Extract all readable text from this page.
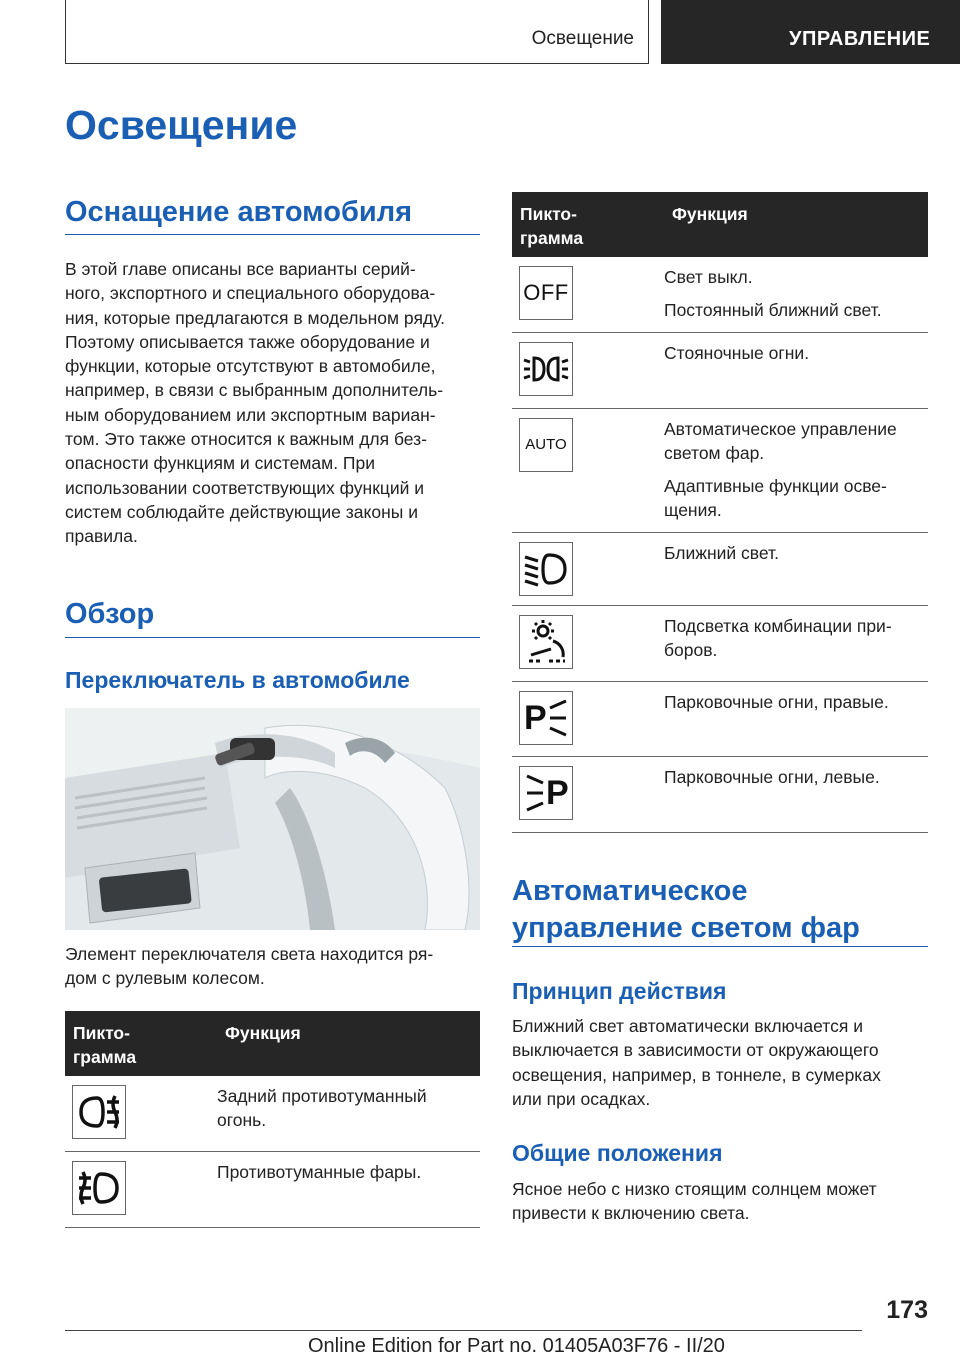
Освещение	УПРАВЛЕНИЕ
Освещение
Оснащение автомобиля
В этой главе описаны все варианты серий-
ного, экспортного и специального оборудова-
ния, которые предлагаются в модельном ряду.
Поэтому описывается также оборудование и
функции, которые отсутствуют в автомобиле,
например, в связи с выбранным дополнитель-
ным оборудованием или экспортным вариан-
том. Это также относится к важным для без-
опасности функциям и системам. При
использовании соответствующих функций и
систем соблюдайте действующие законы и
правила.
Обзор
Переключатель в автомобиле
Элемент переключателя света находится ря-
дом с рулевым колесом.
Пикто-
грамма	Функция

Задний противотуманный
огонь.

Противотуманные фары.

Пикто-
грамма	Функция

OFF	Свет выкл.

Постоянный ближний свет.

Стояночные огни.

AUTO	Автоматическое управление
светом фар.

Адаптивные функции осве-
щения.

Ближний свет.

Подсветка комбинации при-
боров.

P	Парковочные огни, правые.

P	Парковочные огни, левые.

Автоматическое
управление светом фар
Принцип действия
Ближний свет автоматически включается и
выключается в зависимости от окружающего
освещения, например, в тоннеле, в сумерках
или при осадках.
Общие положения
Ясное небо с низко стоящим солнцем может
привести к включению света.
173
Online Edition for Part no. 01405A03F76 - II/20
